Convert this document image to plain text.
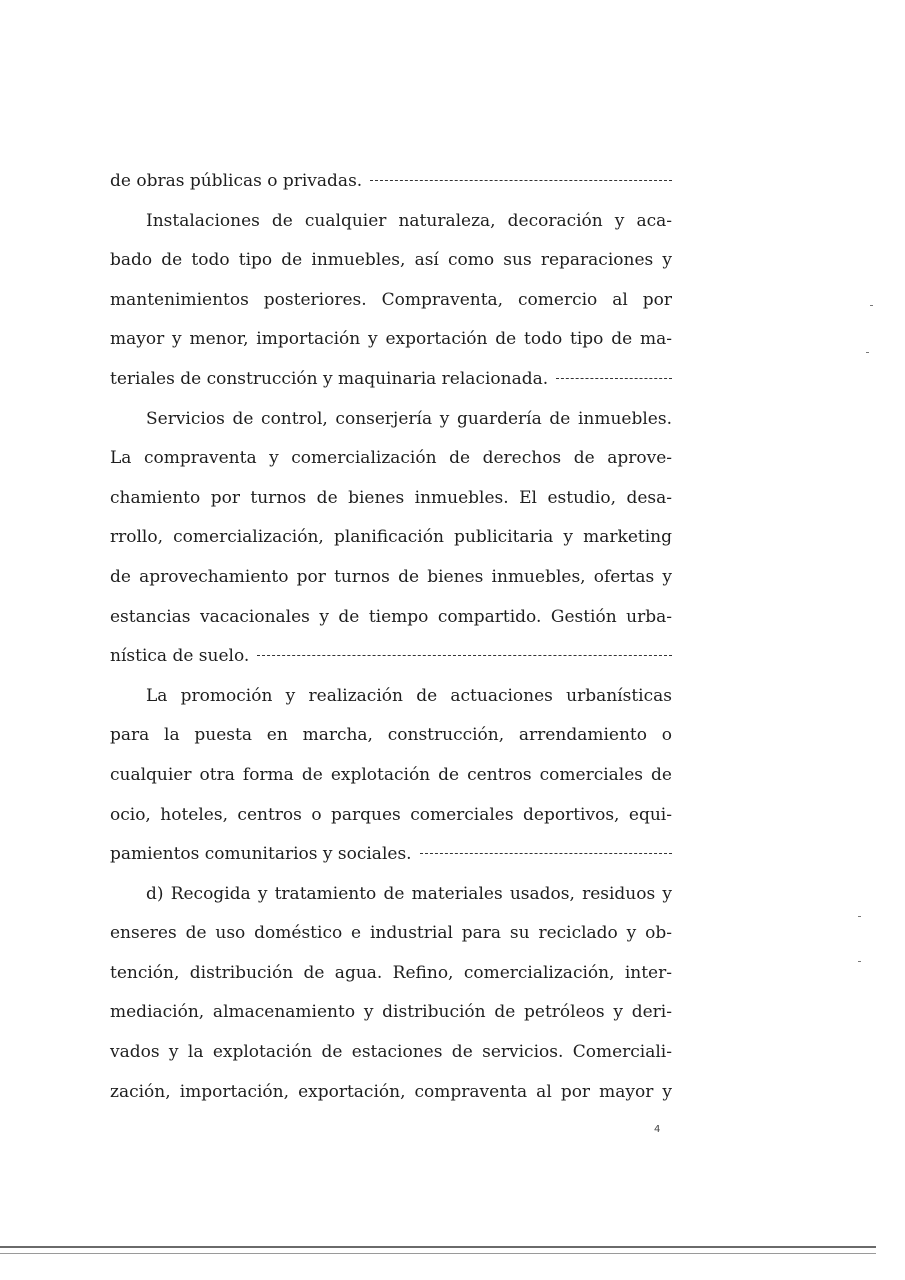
de obras públicas o privadas.
Instalaciones de cualquier naturaleza, decoración y aca-
bado de todo tipo de inmuebles, así como sus reparaciones y
mantenimientos posteriores. Compraventa, comercio al por
mayor y menor, importación y exportación de todo tipo de ma-
teriales de construcción y maquinaria relacionada.
Servicios de control, conserjería y guardería de inmuebles.
La compraventa y comercialización de derechos de aprove-
chamiento por turnos de bienes inmuebles. El estudio, desa-
rrollo, comercialización, planificación publicitaria y marketing
de aprovechamiento por turnos de bienes inmuebles, ofertas y
estancias vacacionales y de tiempo compartido. Gestión urba-
nística de suelo.
La promoción y realización de actuaciones urbanísticas
para la puesta en marcha, construcción, arrendamiento o
cualquier otra forma de explotación de centros comerciales de
ocio, hoteles, centros o parques comerciales deportivos, equi-
pamientos comunitarios y sociales.
d) Recogida y tratamiento de materiales usados, residuos y
enseres de uso doméstico e industrial para su reciclado y ob-
tención, distribución de agua. Refino, comercialización, inter-
mediación, almacenamiento y distribución de petróleos y deri-
vados y la explotación de estaciones de servicios. Comerciali-
zación, importación, exportación, compraventa al por mayor y
4
